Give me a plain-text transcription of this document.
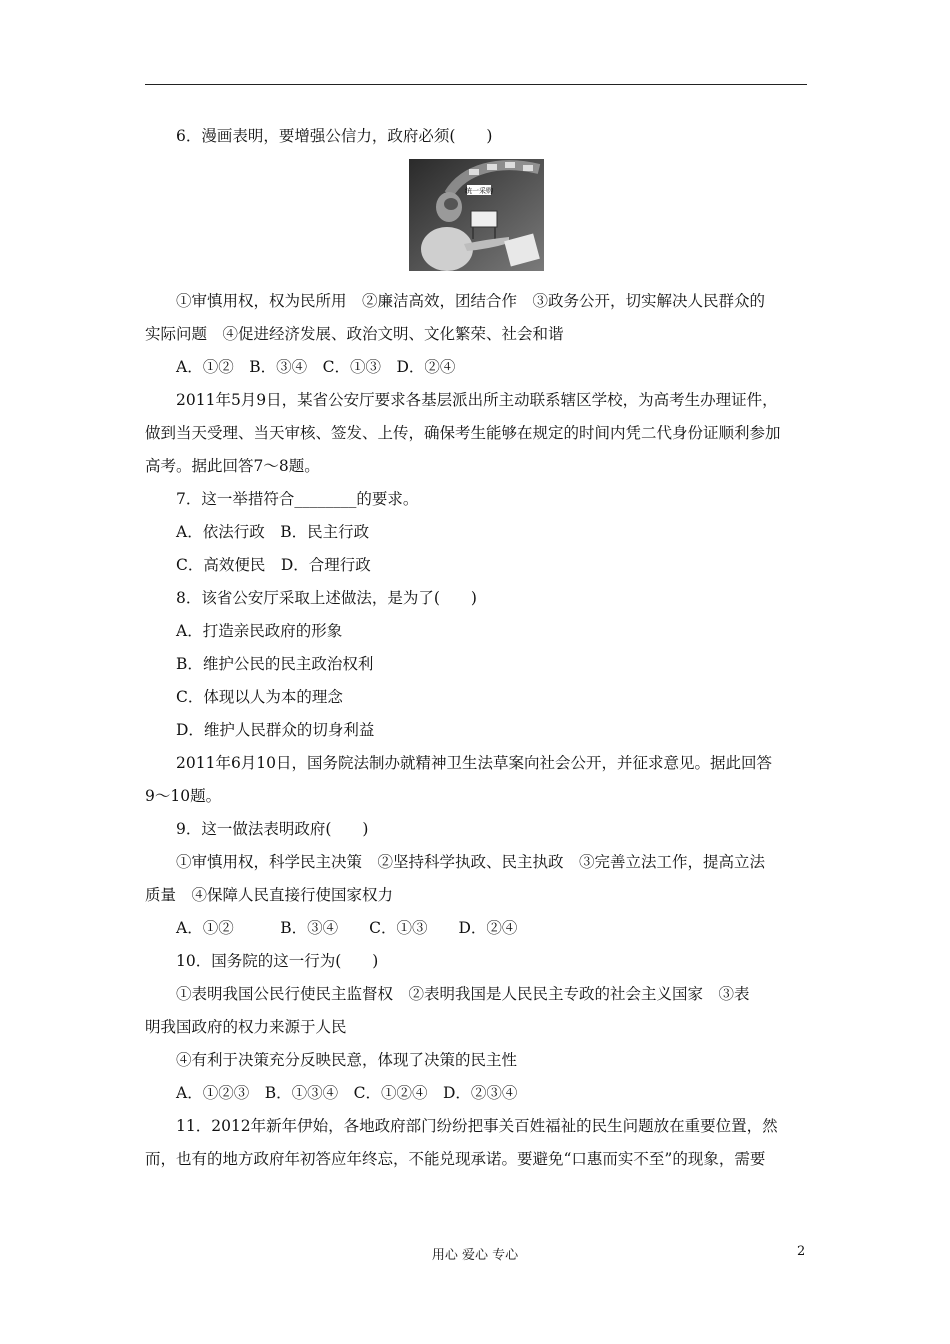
6．漫画表明，要增强公信力，政府必须(　　)
统一采购
①审慎用权，权为民所用　②廉洁高效，团结合作　③政务公开，切实解决人民群众的
实际问题　④促进经济发展、政治文明、文化繁荣、社会和谐
A．①②　B．③④　C．①③　D．②④
2011年5月9日，某省公安厅要求各基层派出所主动联系辖区学校，为高考生办理证件，
做到当天受理、当天审核、签发、上传，确保考生能够在规定的时间内凭二代身份证顺利参加
高考。据此回答7～8题。
7．这一举措符合________的要求。
A．依法行政　B．民主行政
C．高效便民　D．合理行政
8．该省公安厅采取上述做法，是为了(　　)
A．打造亲民政府的形象
B．维护公民的民主政治权利
C．体现以人为本的理念
D．维护人民群众的切身利益
2011年6月10日，国务院法制办就精神卫生法草案向社会公开，并征求意见。据此回答
9～10题。
9．这一做法表明政府(　　)
①审慎用权，科学民主决策　②坚持科学执政、民主执政　③完善立法工作，提高立法
质量　④保障人民直接行使国家权力
A．①②　　　B．③④　　C．①③　　D．②④
10．国务院的这一行为(　　)
①表明我国公民行使民主监督权　②表明我国是人民民主专政的社会主义国家　③表
明我国政府的权力来源于人民
④有利于决策充分反映民意，体现了决策的民主性
A．①②③　B．①③④　C．①②④　D．②③④
11．2012年新年伊始，各地政府部门纷纷把事关百姓福祉的民生问题放在重要位置，然
而，也有的地方政府年初答应年终忘，不能兑现承诺。要避免“口惠而实不至”的现象，需要
用心 爱心 专心	2
